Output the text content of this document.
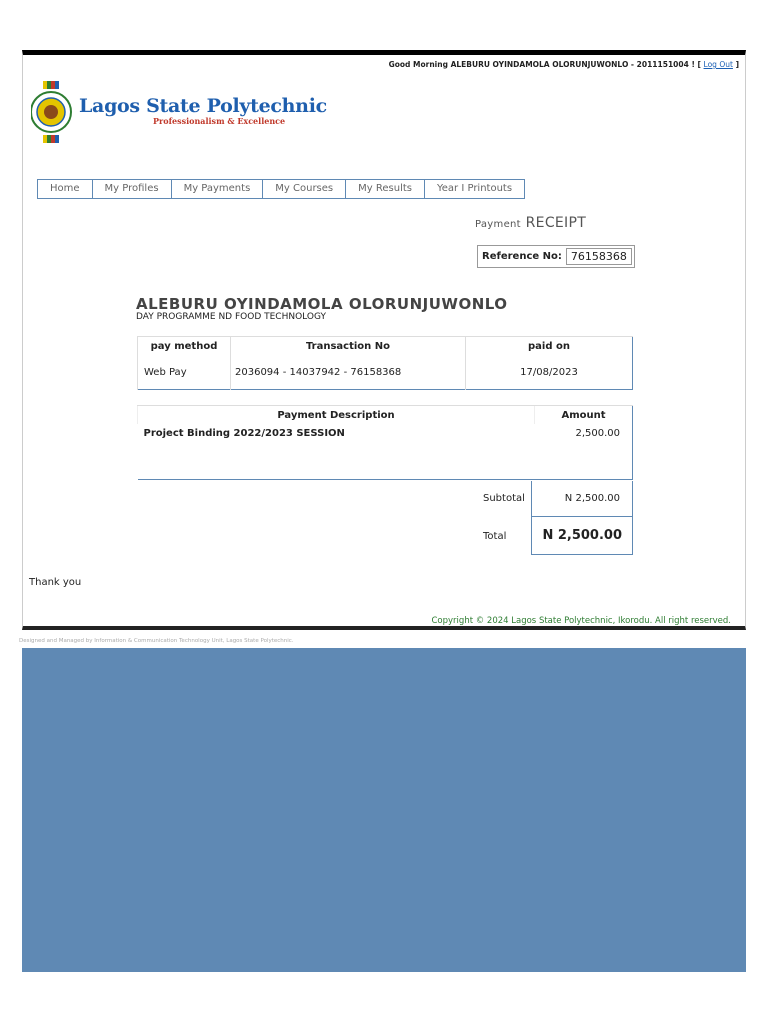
Good Morning ALEBURU OYINDAMOLA OLORUNJUWONLO - 2011151004 ! [ Log Out ]
Lagos State Polytechnic
Professionalism & Excellence
Home	My Profiles	My Payments	My Courses	My Results	Year I Printouts
Payment RECEIPT
Reference No: 76158368
ALEBURU OYINDAMOLA OLORUNJUWONLO
DAY PROGRAMME ND FOOD TECHNOLOGY
pay method	Transaction No	paid on
Web Pay	2036094 - 14037942 - 76158368	17/08/2023
Payment Description	Amount
Project Binding 2022/2023 SESSION	2,500.00
Subtotal	N 2,500.00
Total	N 2,500.00
Thank you
Copyright © 2024 Lagos State Polytechnic, Ikorodu. All right reserved.
Designed and Managed by Information & Communication Technology Unit, Lagos State Polytechnic.
